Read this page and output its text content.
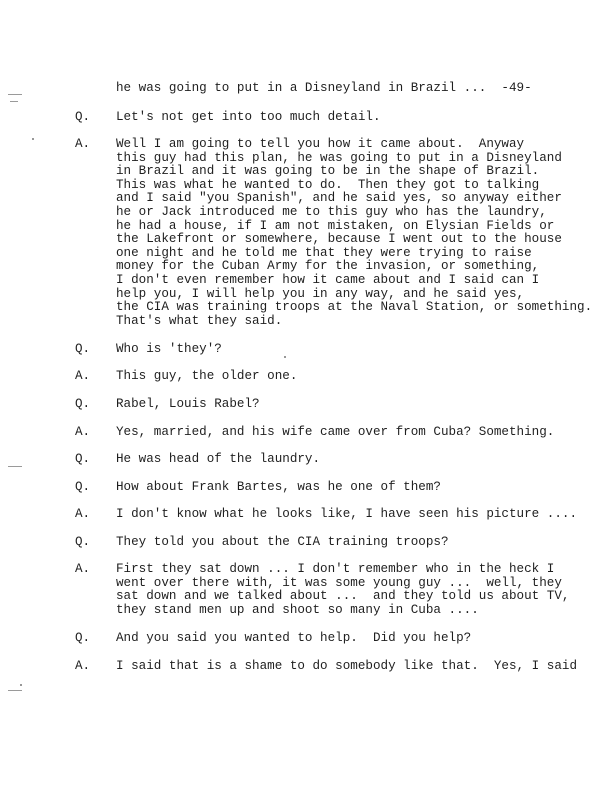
he was going to put in a Disneyland in Brazil ...  -49-
Q. Let's not get into too much detail.
A. Well I am going to tell you how it came about.  Anyway
this guy had this plan, he was going to put in a Disneyland
in Brazil and it was going to be in the shape of Brazil.
This was what he wanted to do.  Then they got to talking
and I said "you Spanish", and he said yes, so anyway either
he or Jack introduced me to this guy who has the laundry,
he had a house, if I am not mistaken, on Elysian Fields or
the Lakefront or somewhere, because I went out to the house
one night and he told me that they were trying to raise
money for the Cuban Army for the invasion, or something,
I don't even remember how it came about and I said can I
help you, I will help you in any way, and he said yes,
the CIA was training troops at the Naval Station, or something.
That's what they said.
Q. Who is 'they'?
A. This guy, the older one.
Q. Rabel, Louis Rabel?
A. Yes, married, and his wife came over from Cuba? Something.
Q. He was head of the laundry.
Q. How about Frank Bartes, was he one of them?
A. I don't know what he looks like, I have seen his picture ....
Q. They told you about the CIA training troops?
A. First they sat down ... I don't remember who in the heck I
went over there with, it was some young guy ...  well, they
sat down and we talked about ...  and they told us about TV,
they stand men up and shoot so many in Cuba ....
Q. And you said you wanted to help.  Did you help?
A. I said that is a shame to do somebody like that.  Yes, I said
